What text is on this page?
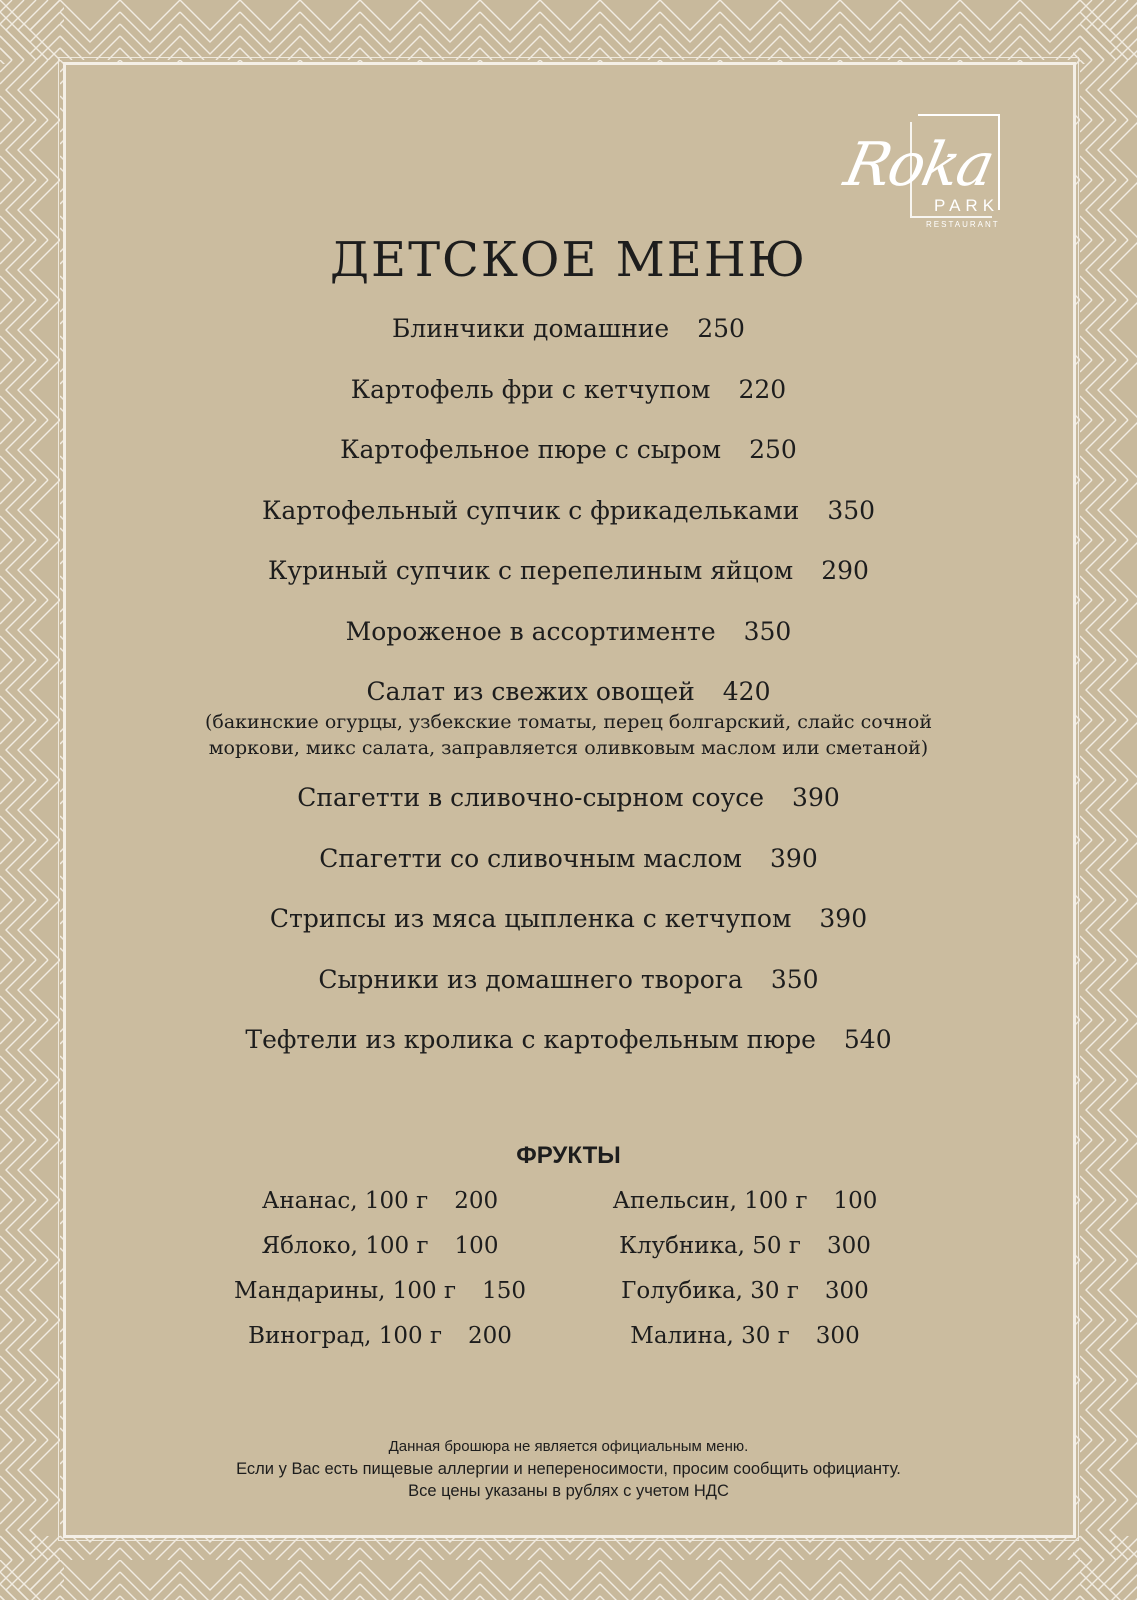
Roka
PARK
RESTAURANT
ДЕТСКОЕ МЕНЮ
Блинчики домашние 250
Картофель фри с кетчупом 220
Картофельное пюре с сыром 250
Картофельный супчик с фрикадельками 350
Куриный супчик с перепелиным яйцом 290
Мороженое в ассортименте 350
Салат из свежих овощей 420
(бакинские огурцы, узбекские томаты, перец болгарский, слайс сочной
моркови, микс салата, заправляется оливковым маслом или сметаной)
Спагетти в сливочно-сырном соусе 390
Спагетти со сливочным маслом 390
Стрипсы из мяса цыпленка с кетчупом 390
Сырники из домашнего творога 350
Тефтели из кролика с картофельным пюре 540
ФРУКТЫ
Ананас, 100 г 200
Яблоко, 100 г 100
Мандарины, 100 г 150
Виноград, 100 г 200
Апельсин, 100 г 100
Клубника, 50 г 300
Голубика, 30 г 300
Малина, 30 г 300
Данная брошюра не является официальным меню.
Если у Вас есть пищевые аллергии и непереносимости, просим сообщить официанту.
Все цены указаны в рублях с учетом НДС
